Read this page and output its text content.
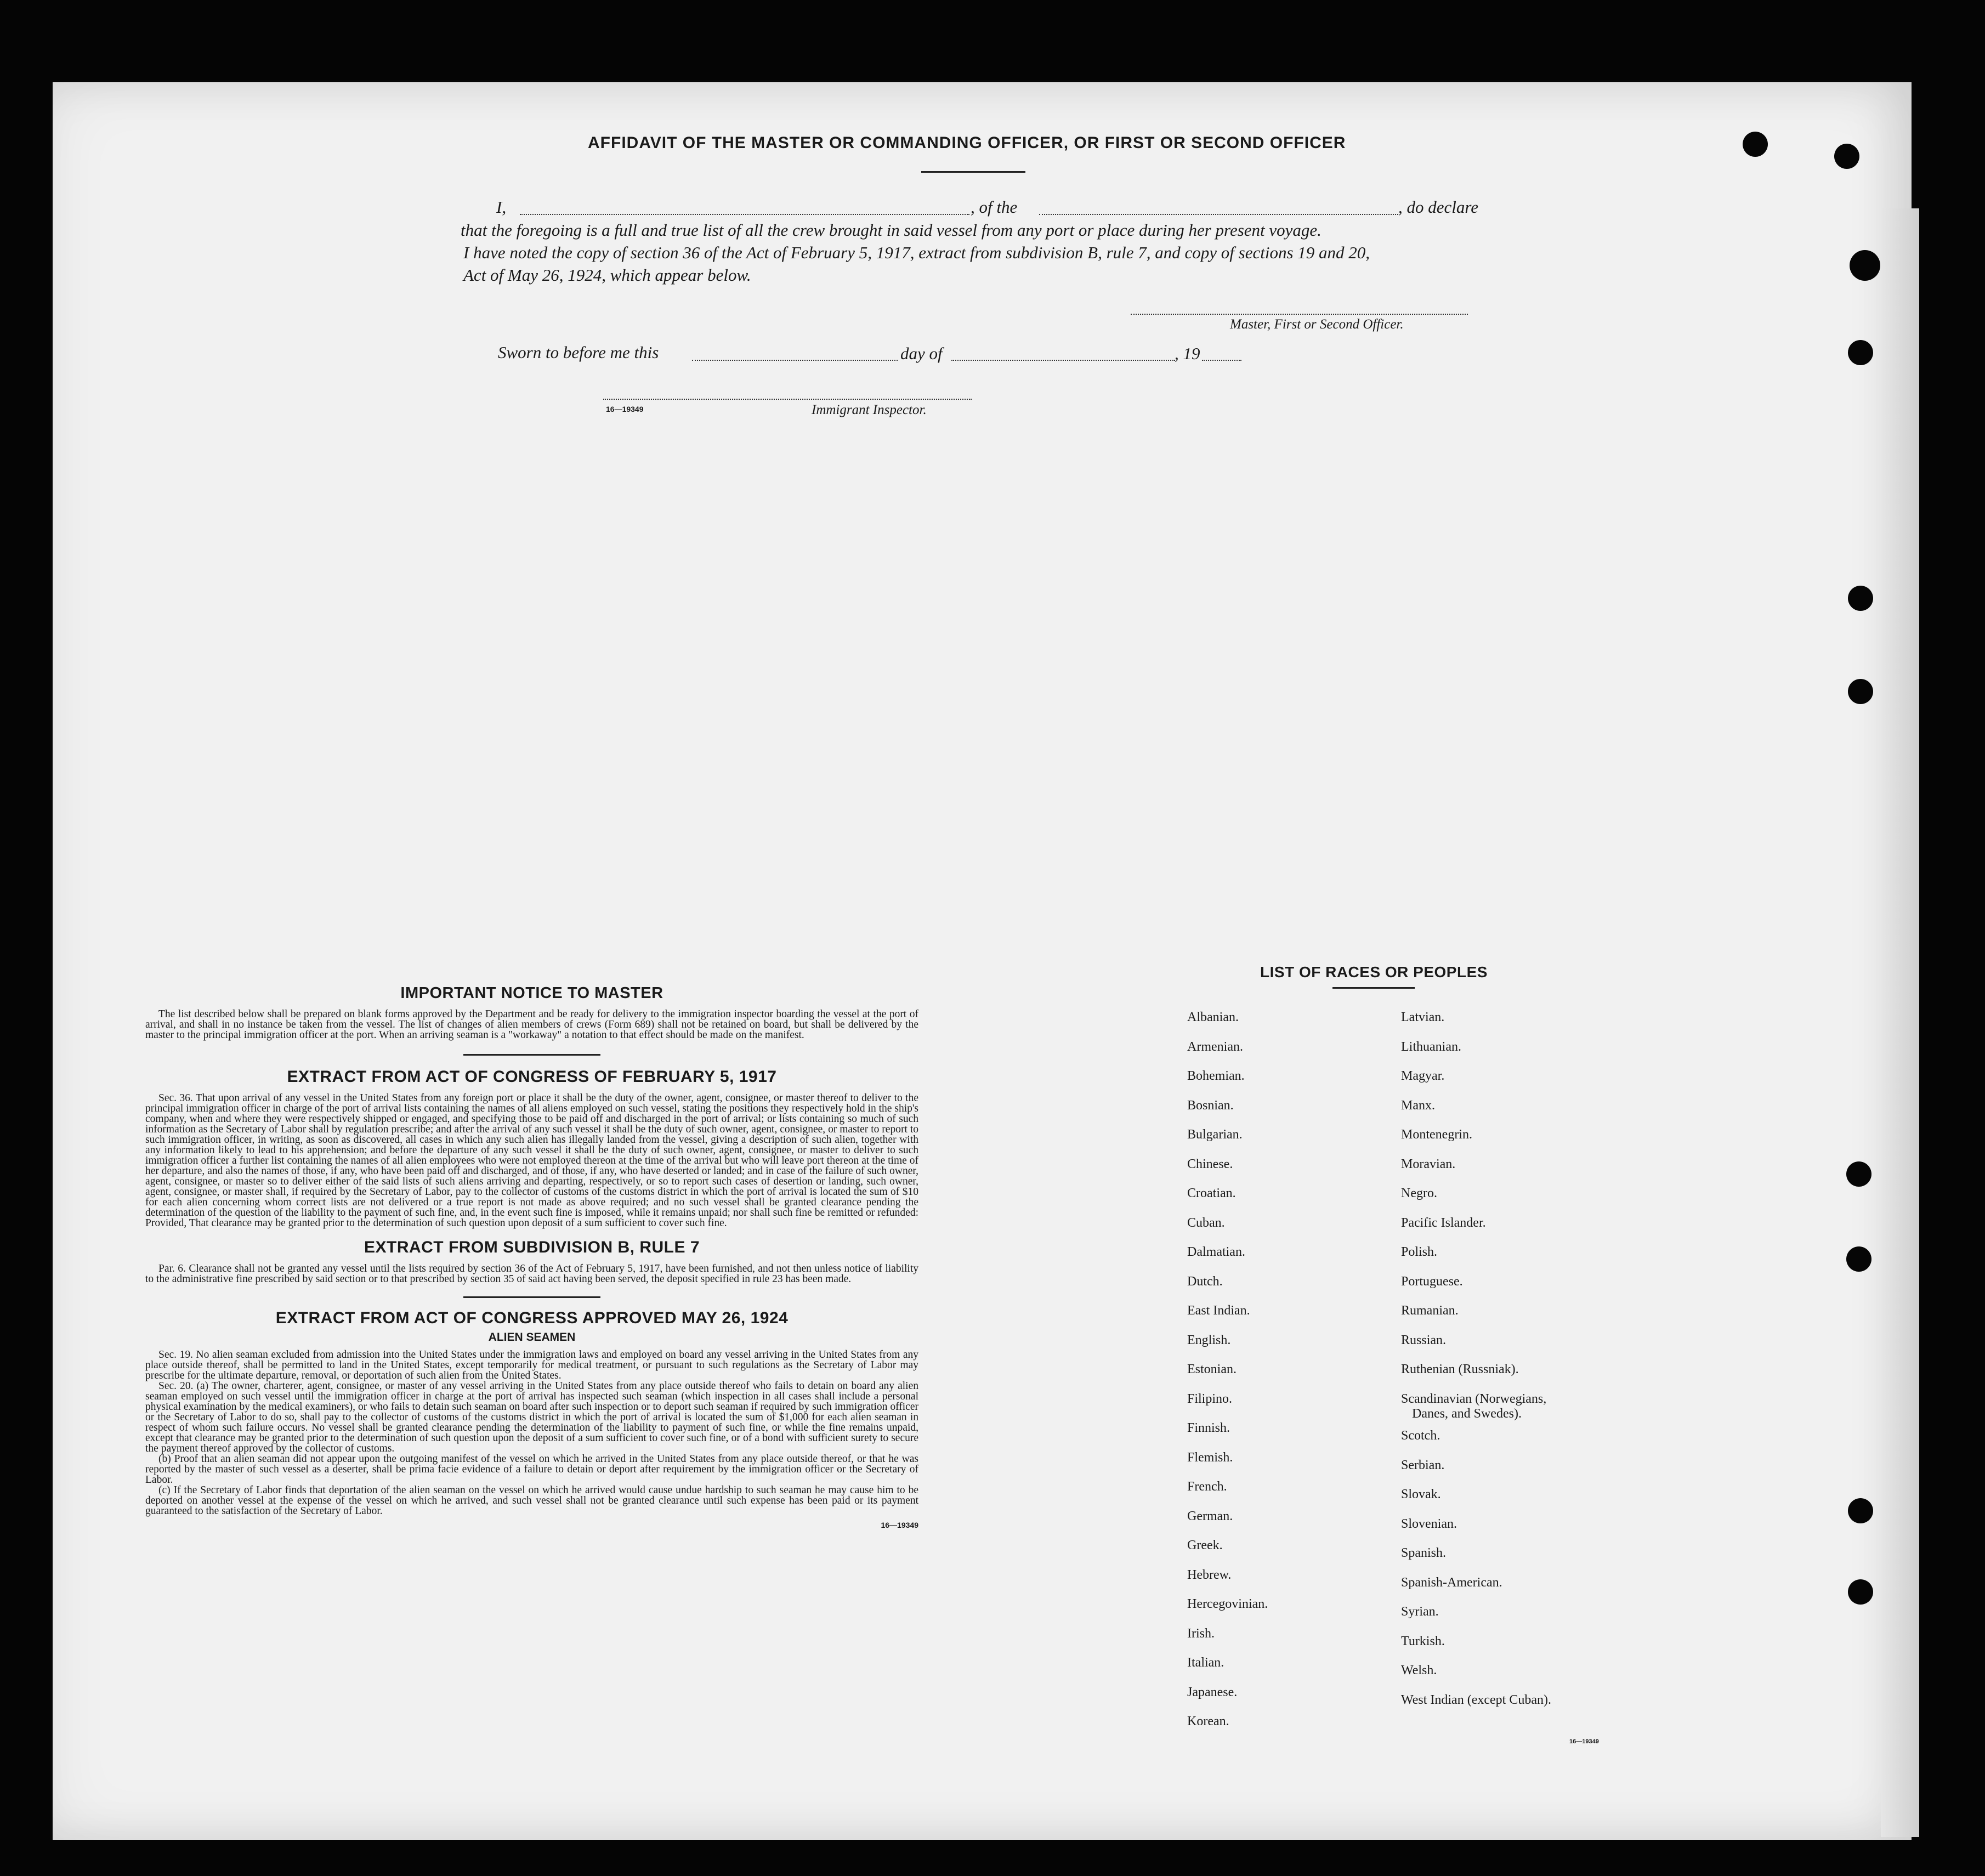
AFFIDAVIT OF THE MASTER OR COMMANDING OFFICER, OR FIRST OR SECOND OFFICER
I,	, of the	, do declare
that the foregoing is a full and true list of all the crew brought in said vessel from any port or place during her present voyage.
I have noted the copy of section 36 of the Act of February 5, 1917, extract from subdivision B, rule 7, and copy of sections 19 and 20,
Act of May 26, 1924, which appear below.
Master, First or Second Officer.
Sworn to before me this	day of	, 19
16—19349	Immigrant Inspector.
IMPORTANT NOTICE TO MASTER

The list described below shall be prepared on blank forms approved by the Department and be ready for delivery to the immigration inspector boarding the vessel at the port of arrival, and shall in no instance be taken from the vessel. The list of changes of alien members of crews (Form 689) shall not be retained on board, but shall be delivered by the master to the principal immigration officer at the port. When an arriving seaman is a "workaway" a notation to that effect should be made on the manifest.

EXTRACT FROM ACT OF CONGRESS OF FEBRUARY 5, 1917

Sec. 36. That upon arrival of any vessel in the United States from any foreign port or place it shall be the duty of the owner, agent, consignee, or master thereof to deliver to the principal immigration officer in charge of the port of arrival lists containing the names of all aliens employed on such vessel, stating the positions they respectively hold in the ship's company, when and where they were respectively shipped or engaged, and specifying those to be paid off and discharged in the port of arrival; or lists containing so much of such information as the Secretary of Labor shall by regulation prescribe; and after the arrival of any such vessel it shall be the duty of such owner, agent, consignee, or master to report to such immigration officer, in writing, as soon as discovered, all cases in which any such alien has illegally landed from the vessel, giving a description of such alien, together with any information likely to lead to his apprehension; and before the departure of any such vessel it shall be the duty of such owner, agent, consignee, or master to deliver to such immigration officer a further list containing the names of all alien employees who were not employed thereon at the time of the arrival but who will leave port thereon at the time of her departure, and also the names of those, if any, who have been paid off and discharged, and of those, if any, who have deserted or landed; and in case of the failure of such owner, agent, consignee, or master so to deliver either of the said lists of such aliens arriving and departing, respectively, or so to report such cases of desertion or landing, such owner, agent, consignee, or master shall, if required by the Secretary of Labor, pay to the collector of customs of the customs district in which the port of arrival is located the sum of $10 for each alien concerning whom correct lists are not delivered or a true report is not made as above required; and no such vessel shall be granted clearance pending the determination of the question of the liability to the payment of such fine, and, in the event such fine is imposed, while it remains unpaid; nor shall such fine be remitted or refunded: Provided, That clearance may be granted prior to the determination of such question upon deposit of a sum sufficient to cover such fine.

EXTRACT FROM SUBDIVISION B, RULE 7

Par. 6. Clearance shall not be granted any vessel until the lists required by section 36 of the Act of February 5, 1917, have been furnished, and not then unless notice of liability to the administrative fine prescribed by said section or to that prescribed by section 35 of said act having been served, the deposit specified in rule 23 has been made.

EXTRACT FROM ACT OF CONGRESS APPROVED MAY 26, 1924
ALIEN SEAMEN

Sec. 19. No alien seaman excluded from admission into the United States under the immigration laws and employed on board any vessel arriving in the United States from any place outside thereof, shall be permitted to land in the United States, except temporarily for medical treatment, or pursuant to such regulations as the Secretary of Labor may prescribe for the ultimate departure, removal, or deportation of such alien from the United States.

Sec. 20. (a) The owner, charterer, agent, consignee, or master of any vessel arriving in the United States from any place outside thereof who fails to detain on board any alien seaman employed on such vessel until the immigration officer in charge at the port of arrival has inspected such seaman (which inspection in all cases shall include a personal physical examination by the medical examiners), or who fails to detain such seaman on board after such inspection or to deport such seaman if required by such immigration officer or the Secretary of Labor to do so, shall pay to the collector of customs of the customs district in which the port of arrival is located the sum of $1,000 for each alien seaman in respect of whom such failure occurs. No vessel shall be granted clearance pending the determination of the liability to payment of such fine, or while the fine remains unpaid, except that clearance may be granted prior to the determination of such question upon the deposit of a sum sufficient to cover such fine, or of a bond with sufficient surety to secure the payment thereof approved by the collector of customs.

(b) Proof that an alien seaman did not appear upon the outgoing manifest of the vessel on which he arrived in the United States from any place outside thereof, or that he was reported by the master of such vessel as a deserter, shall be prima facie evidence of a failure to detain or deport after requirement by the immigration officer or the Secretary of Labor.

(c) If the Secretary of Labor finds that deportation of the alien seaman on the vessel on which he arrived would cause undue hardship to such seaman he may cause him to be deported on another vessel at the expense of the vessel on which he arrived, and such vessel shall not be granted clearance until such expense has been paid or its payment guaranteed to the satisfaction of the Secretary of Labor.

16—19349
LIST OF RACES OR PEOPLES
16—19349
Albanian.
Armenian.
Bohemian.
Bosnian.
Bulgarian.
Chinese.
Croatian.
Cuban.
Dalmatian.
Dutch.
East Indian.
English.
Estonian.
Filipino.
Finnish.
Flemish.
French.
German.
Greek.
Hebrew.
Hercegovinian.
Irish.
Italian.
Japanese.
Korean.
Latvian.
Lithuanian.
Magyar.
Manx.
Montenegrin.
Moravian.
Negro.
Pacific Islander.
Polish.
Portuguese.
Rumanian.
Russian.
Ruthenian (Russniak).
Scandinavian (Norwegians,
Danes, and Swedes).
Scotch.
Serbian.
Slovak.
Slovenian.
Spanish.
Spanish-American.
Syrian.
Turkish.
Welsh.
West Indian (except Cuban).
